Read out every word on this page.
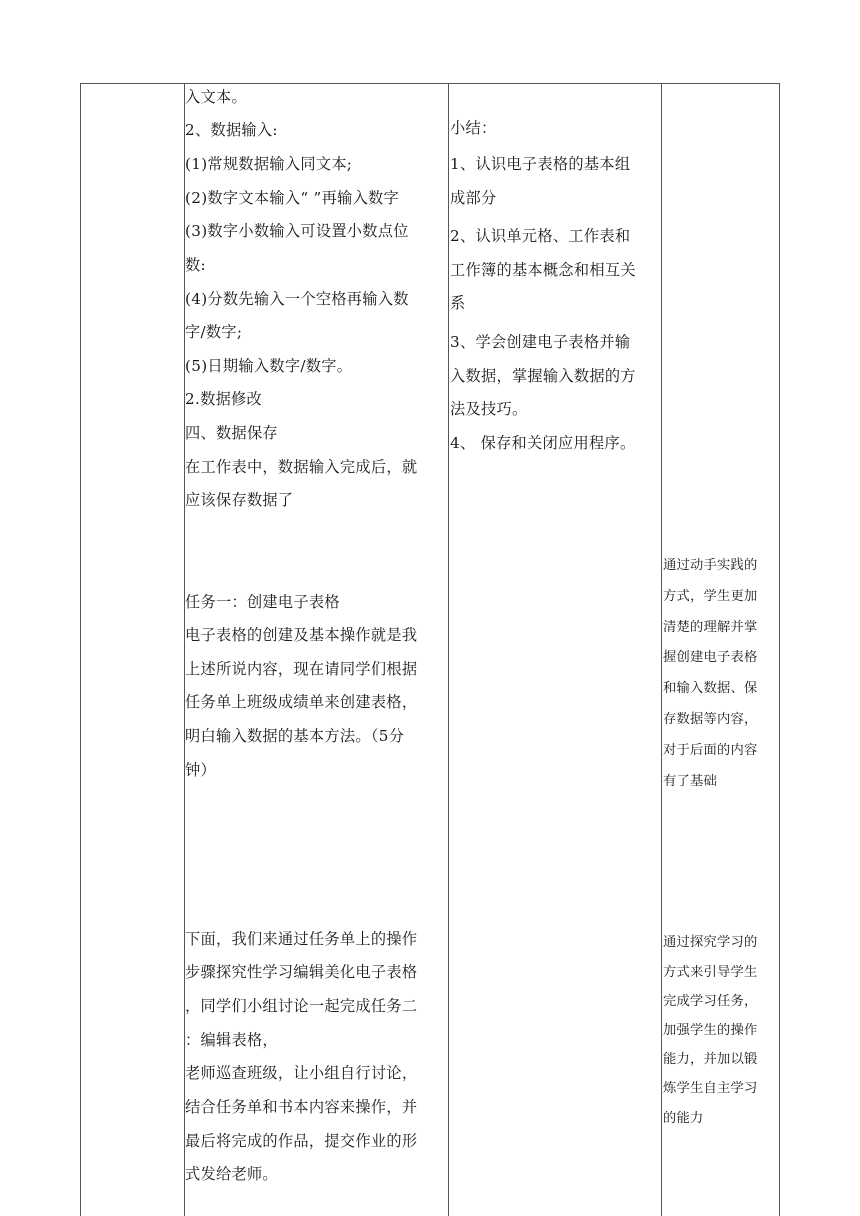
入文本。
2、数据输入:
(1)常规数据输入同文本;
(2)数字文本输入“ ”再输入数字
(3)数字小数输入可设置小数点位
数:
(4)分数先输入一个空格再输入数
字/数字;
(5)日期输入数字/数字。
2.数据修改
四、数据保存
在工作表中，数据输入完成后，就
应该保存数据了
任务一：创建电子表格
电子表格的创建及基本操作就是我
上述所说内容，现在请同学们根据
任务单上班级成绩单来创建表格，
明白输入数据的基本方法。（5分
钟）
下面，我们来通过任务单上的操作
步骤探究性学习编辑美化电子表格
，同学们小组讨论一起完成任务二
：编辑表格，
老师巡查班级，让小组自行讨论，
结合任务单和书本内容来操作，并
最后将完成的作品，提交作业的形
式发给老师。
小结：
1、认识电子表格的基本组
成部分
2、认识单元格、工作表和
工作簿的基本概念和相互关
系
3、学会创建电子表格并输
入数据，掌握输入数据的方
法及技巧。
4、 保存和关闭应用程序。
通过动手实践的
方式，学生更加
清楚的理解并掌
握创建电子表格
和输入数据、保
存数据等内容，
对于后面的内容
有了基础
通过探究学习的
方式来引导学生
完成学习任务，
加强学生的操作
能力，并加以锻
炼学生自主学习
的能力
